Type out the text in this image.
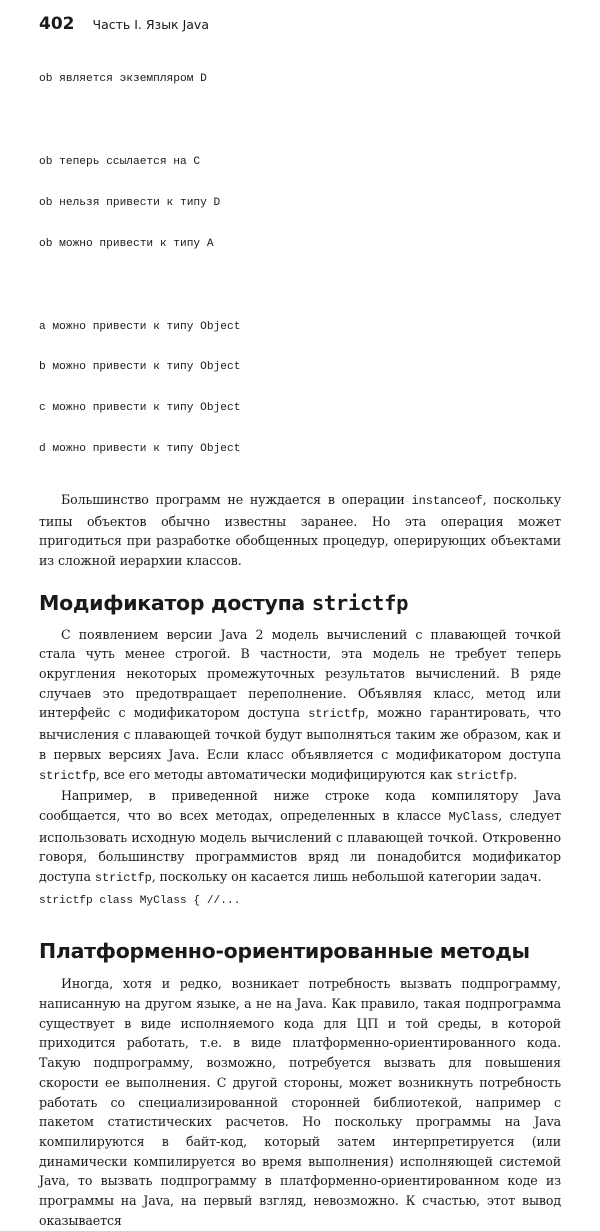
402 Часть I. Язык Java

ob является экземпляром D

ob теперь ссылается на C

ob нельзя привести к типу D

ob можно привести к типу A

a можно привести к типу Object

b можно привести к типу Object

c можно привести к типу Object

d можно привести к типу Object

Большинство программ не нуждается в операции instanceof, поскольку типы объектов обычно известны заранее. Но эта операция может пригодиться при разработке обобщенных процедур, оперирующих объектами из сложной иерархии классов.

Модификатор доступа strictfp

С появлением версии Java 2 модель вычислений с плавающей точкой стала чуть менее строгой. В частности, эта модель не требует теперь округления некоторых промежуточных результатов вычислений. В ряде случаев это предотвращает переполнение. Объявляя класс, метод или интерфейс с модификатором доступа strictfp, можно гарантировать, что вычисления с плавающей точкой будут выполняться таким же образом, как и в первых версиях Java. Если класс объявляется с модификатором доступа strictfp, все его методы автоматически модифицируются как strictfp.

Например, в приведенной ниже строке кода компилятору Java сообщается, что во всех методах, определенных в классе MyClass, следует использовать исходную модель вычислений с плавающей точкой. Откровенно говоря, большинству программистов вряд ли понадобится модификатор доступа strictfp, поскольку он касается лишь небольшой категории задач.

strictfp class MyClass { //...
Платформенно-ориентированные методы

Иногда, хотя и редко, возникает потребность вызвать подпрограмму, написанную на другом языке, а не на Java. Как правило, такая подпрограмма существует в виде исполняемого кода для ЦП и той среды, в которой приходится работать, т.е. в виде платформенно-ориентированного кода. Такую подпрограмму, возможно, потребуется вызвать для повышения скорости ее выполнения. С другой стороны, может возникнуть потребность работать со специализированной сторонней библиотекой, например с пакетом статистических расчетов. Но поскольку программы на Java компилируются в байт-код, который затем интерпретируется (или динамически компилируется во время выполнения) исполняющей системой Java, то вызвать подпрограмму в платформенно-ориентированном коде из программы на Java, на первый взгляд, невозможно. К счастью, этот вывод оказывается
